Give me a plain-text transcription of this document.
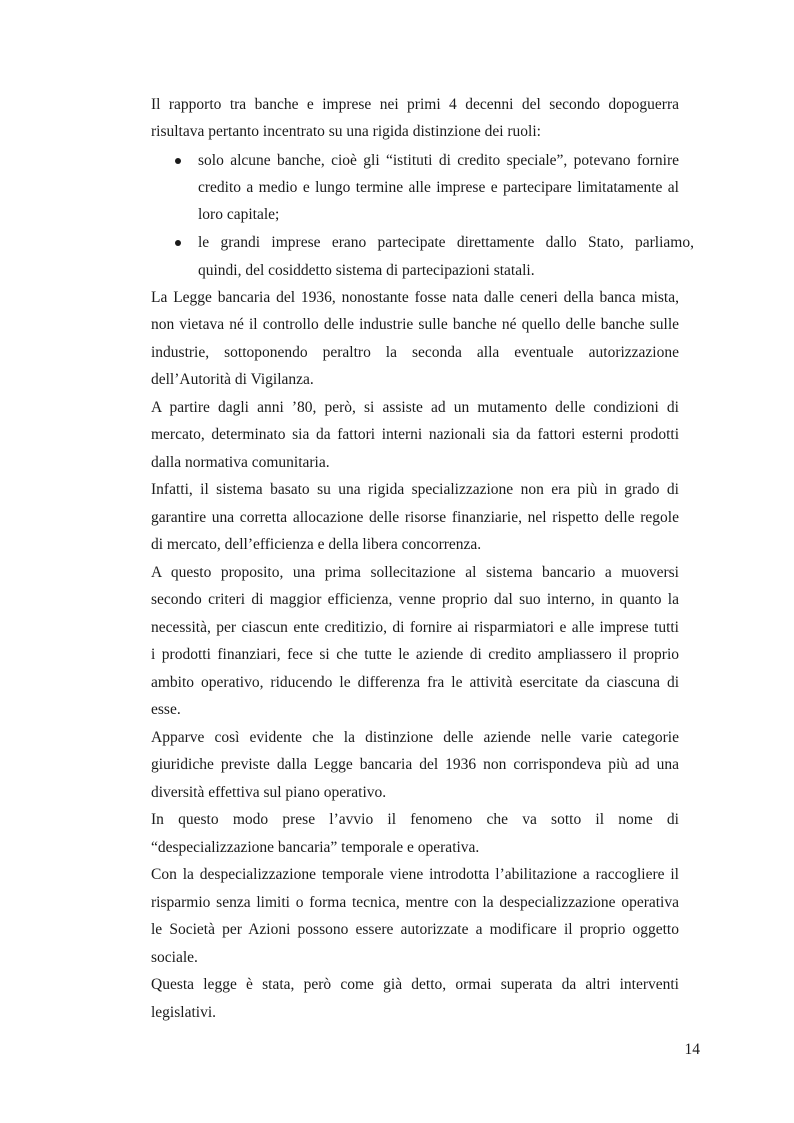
Il rapporto tra banche e imprese nei primi 4 decenni del secondo dopoguerra
risultava pertanto incentrato su una rigida distinzione dei ruoli:
solo alcune banche, cioè gli “istituti di credito speciale”, potevano fornire
credito a medio e lungo termine alle imprese e partecipare limitatamente al
loro capitale;
le grandi imprese erano partecipate direttamente dallo Stato, parliamo,
quindi, del cosiddetto sistema di partecipazioni statali.
La Legge bancaria del 1936, nonostante fosse nata dalle ceneri della banca mista,
non vietava né il controllo delle industrie sulle banche né quello delle banche sulle
industrie, sottoponendo peraltro la seconda alla eventuale autorizzazione
dell’Autorità di Vigilanza.
A partire dagli anni ’80, però, si assiste ad un mutamento delle condizioni di
mercato, determinato sia da fattori interni nazionali sia da fattori esterni prodotti
dalla normativa comunitaria.
Infatti, il sistema basato su una rigida specializzazione non era più in grado di
garantire una corretta allocazione delle risorse finanziarie, nel rispetto delle regole
di mercato, dell’efficienza e della libera concorrenza.
A questo proposito, una prima sollecitazione al sistema bancario a muoversi
secondo criteri di maggior efficienza, venne proprio dal suo interno, in quanto la
necessità, per ciascun ente creditizio, di fornire ai risparmiatori e alle imprese tutti
i prodotti finanziari, fece si che tutte le aziende di credito ampliassero il proprio
ambito operativo, riducendo le differenza fra le attività esercitate da ciascuna di
esse.
Apparve così evidente che la distinzione delle aziende nelle varie categorie
giuridiche previste dalla Legge bancaria del 1936 non corrispondeva più ad una
diversità effettiva sul piano operativo.
In questo modo prese l’avvio il fenomeno che va sotto il nome di
“despecializzazione bancaria” temporale e operativa.
Con la despecializzazione temporale viene introdotta l’abilitazione a raccogliere il
risparmio senza limiti o forma tecnica, mentre con la despecializzazione operativa
le Società per Azioni possono essere autorizzate a modificare il proprio oggetto
sociale.
Questa legge è stata, però come già detto, ormai superata da altri interventi
legislativi.
14
